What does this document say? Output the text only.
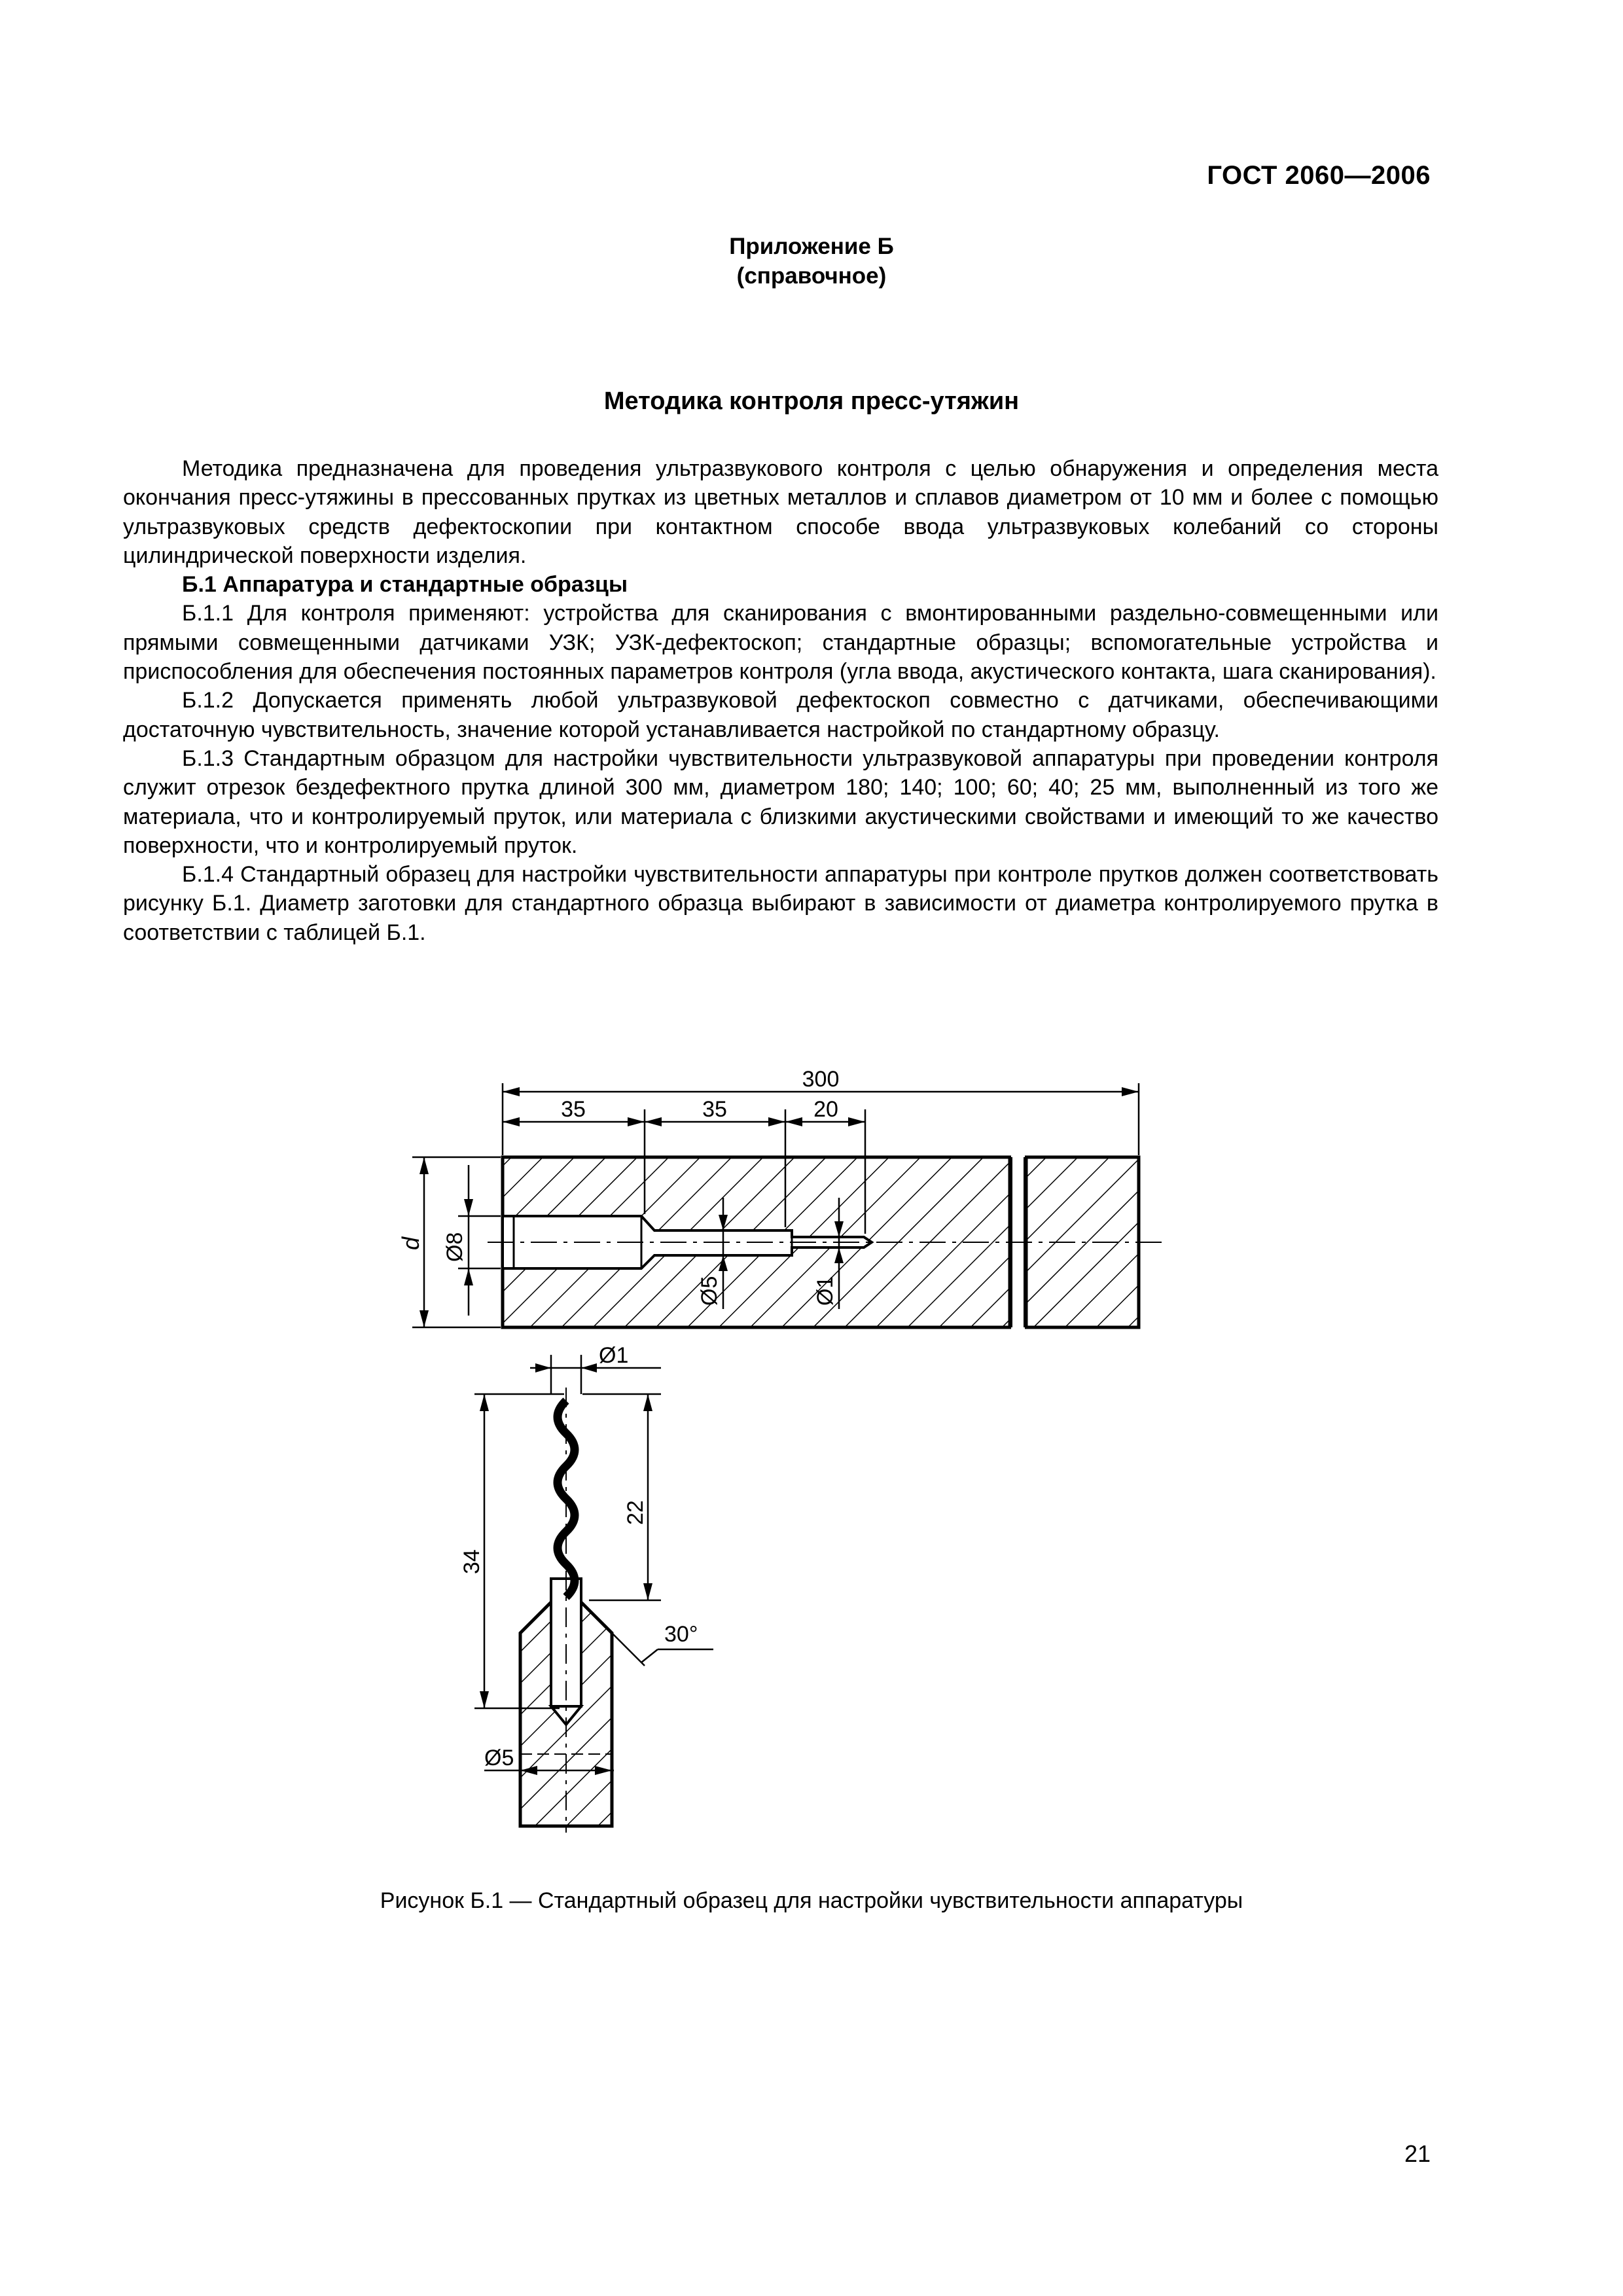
ГОСТ 2060—2006
Приложение Б
(справочное)
Методика контроля пресс-утяжин

Методика предназначена для проведения ультразвукового контроля с целью обнаружения и определения места окончания пресс-утяжины в прессованных прутках из цветных металлов и сплавов диаметром от 10 мм и более с помощью ультразвуковых средств дефектоскопии при контактном способе ввода ультразвуковых колебаний со стороны цилиндрической поверхности изделия.

Б.1 Аппаратура и стандартные образцы

Б.1.1 Для контроля применяют: устройства для сканирования с вмонтированными раздельно-совмещенными или прямыми совмещенными датчиками УЗК; УЗК-дефектоскоп; стандартные образцы; вспомогательные устройства и приспособления для обеспечения постоянных параметров контроля (угла ввода, акустического контакта, шага сканирования).

Б.1.2 Допускается применять любой ультразвуковой дефектоскоп совместно с датчиками, обеспечивающими достаточную чувствительность, значение которой устанавливается настройкой по стандартному образцу.

Б.1.3 Стандартным образцом для настройки чувствительности ультразвуковой аппаратуры при проведении контроля служит отрезок бездефектного прутка длиной 300 мм, диаметром 180; 140; 100; 60; 40; 25 мм, выполненный из того же материала, что и контролируемый пруток, или материала с близкими акустическими свойствами и имеющий то же качество поверхности, что и контролируемый пруток.

Б.1.4 Стандартный образец для настройки чувствительности аппаратуры при контроле прутков должен соответствовать рисунку Б.1. Диаметр заготовки для стандартного образца выбирают в зависимости от диаметра контролируемого прутка в соответствии с таблицей Б.1.

300
35	35	20
d Ø8
Ø5	Ø1
Ø1
22
34
30°
Ø5
Рисунок Б.1 — Стандартный образец для настройки чувствительности аппаратуры
21
